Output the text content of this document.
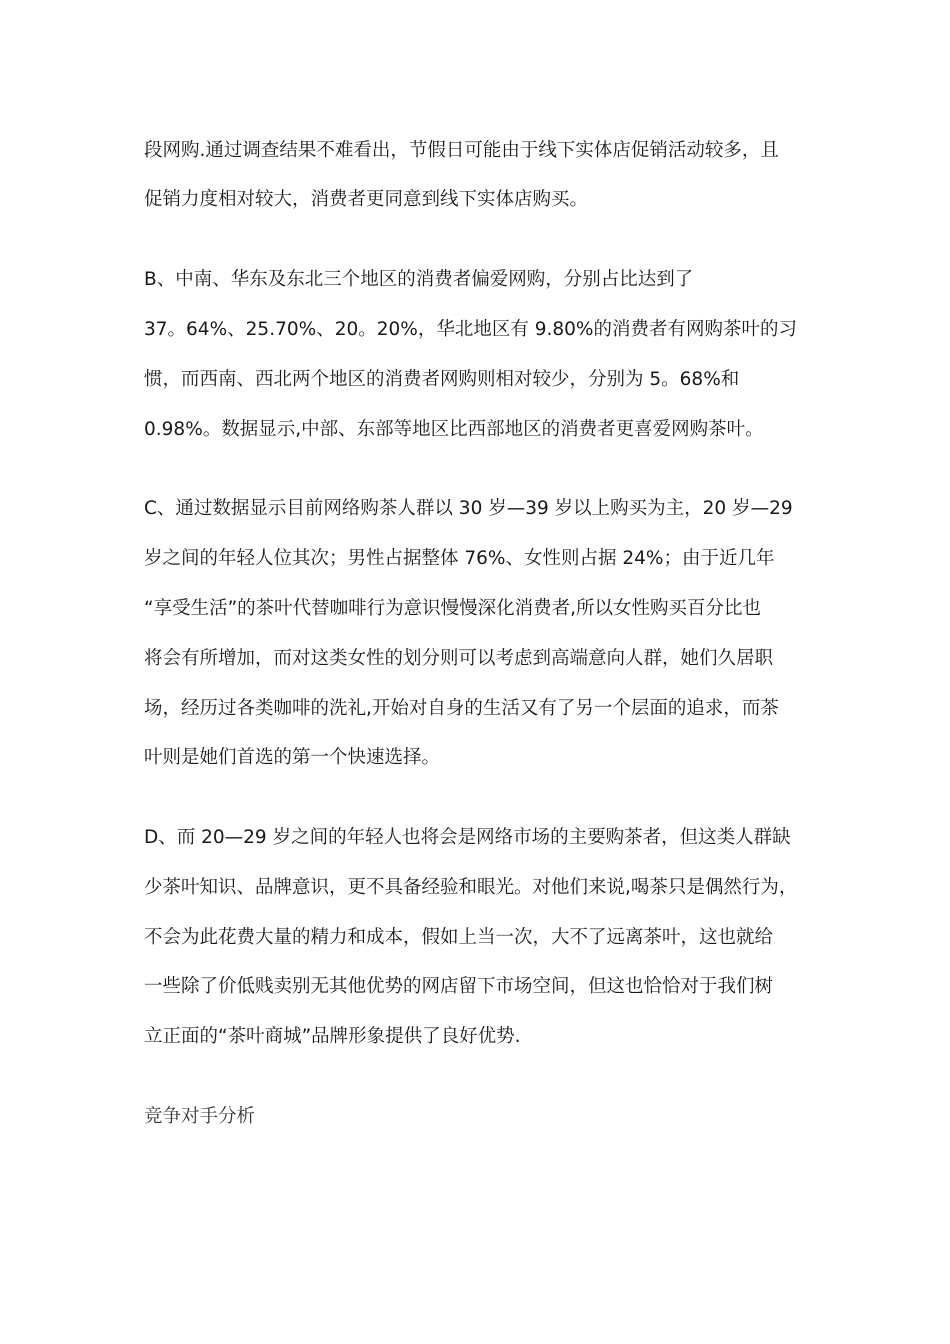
段网购.通过调查结果不难看出，节假日可能由于线下实体店促销活动较多，且
促销力度相对较大，消费者更同意到线下实体店购买。
B、中南、华东及东北三个地区的消费者偏爱网购，分别占比达到了
37。64%、25.70%、20。20%，华北地区有 9.80%的消费者有网购茶叶的习
惯，而西南、西北两个地区的消费者网购则相对较少，分别为 5。68%和
0.98%。数据显示,中部、东部等地区比西部地区的消费者更喜爱网购茶叶。
C、通过数据显示目前网络购茶人群以 30 岁—39 岁以上购买为主，20 岁—29
岁之间的年轻人位其次；男性占据整体 76%、女性则占据 24%；由于近几年
“享受生活”的茶叶代替咖啡行为意识慢慢深化消费者,所以女性购买百分比也
将会有所增加，而对这类女性的划分则可以考虑到高端意向人群，她们久居职
场，经历过各类咖啡的洗礼,开始对自身的生活又有了另一个层面的追求，而茶
叶则是她们首选的第一个快速选择。
D、而 20—29 岁之间的年轻人也将会是网络市场的主要购茶者，但这类人群缺
少茶叶知识、品牌意识，更不具备经验和眼光。对他们来说,喝茶只是偶然行为，
不会为此花费大量的精力和成本，假如上当一次，大不了远离茶叶，这也就给
一些除了价低贱卖别无其他优势的网店留下市场空间，但这也恰恰对于我们树
立正面的“茶叶商城”品牌形象提供了良好优势.
竞争对手分析
